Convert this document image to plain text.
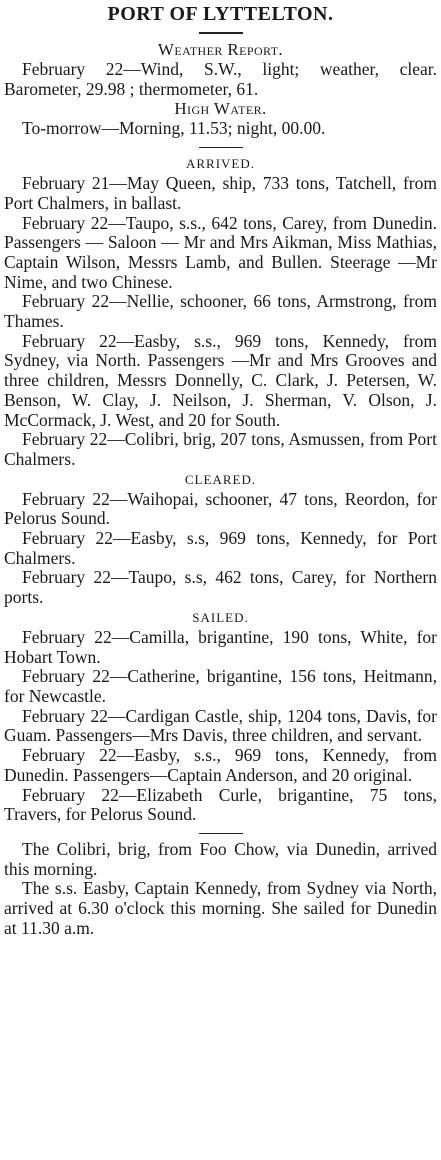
PORT OF LYTTELTON.
Weather Report.

February 22—Wind, S.W., light; weather, clear. Barometer, 29.98 ; thermometer, 61.

High Water.

To-morrow—Morning, 11.53; night, 00.00.

ARRIVED.

February 21—May Queen, ship, 733 tons, Tatchell, from Port Chalmers, in ballast.

February 22—Taupo, s.s., 642 tons, Carey, from Dunedin. Passengers — Saloon — Mr and Mrs Aikman, Miss Mathias, Captain Wilson, Messrs Lamb, and Bullen. Steerage —Mr Nime, and two Chinese.

February 22—Nellie, schooner, 66 tons, Armstrong, from Thames.

February 22—Easby, s.s., 969 tons, Kennedy, from Sydney, via North. Passengers —Mr and Mrs Grooves and three children, Messrs Donnelly, C. Clark, J. Petersen, W. Benson, W. Clay, J. Neilson, J. Sherman, V. Olson, J. McCormack, J. West, and 20 for South.

February 22—Colibri, brig, 207 tons, Asmussen, from Port Chalmers.

CLEARED.

February 22—Waihopai, schooner, 47 tons, Reordon, for Pelorus Sound.

February 22—Easby, s.s, 969 tons, Kennedy, for Port Chalmers.

February 22—Taupo, s.s, 462 tons, Carey, for Northern ports.

SAILED.

February 22—Camilla, brigantine, 190 tons, White, for Hobart Town.

February 22—Catherine, brigantine, 156 tons, Heitmann, for Newcastle.

February 22—Cardigan Castle, ship, 1204 tons, Davis, for Guam. Passengers—Mrs Davis, three children, and servant.

February 22—Easby, s.s., 969 tons, Kennedy, from Dunedin. Passengers—Captain Anderson, and 20 original.

February 22—Elizabeth Curle, brigantine, 75 tons, Travers, for Pelorus Sound.

The Colibri, brig, from Foo Chow, via Dunedin, arrived this morning.

The s.s. Easby, Captain Kennedy, from Sydney via North, arrived at 6.30 o'clock this morning. She sailed for Dunedin at 11.30 a.m.
